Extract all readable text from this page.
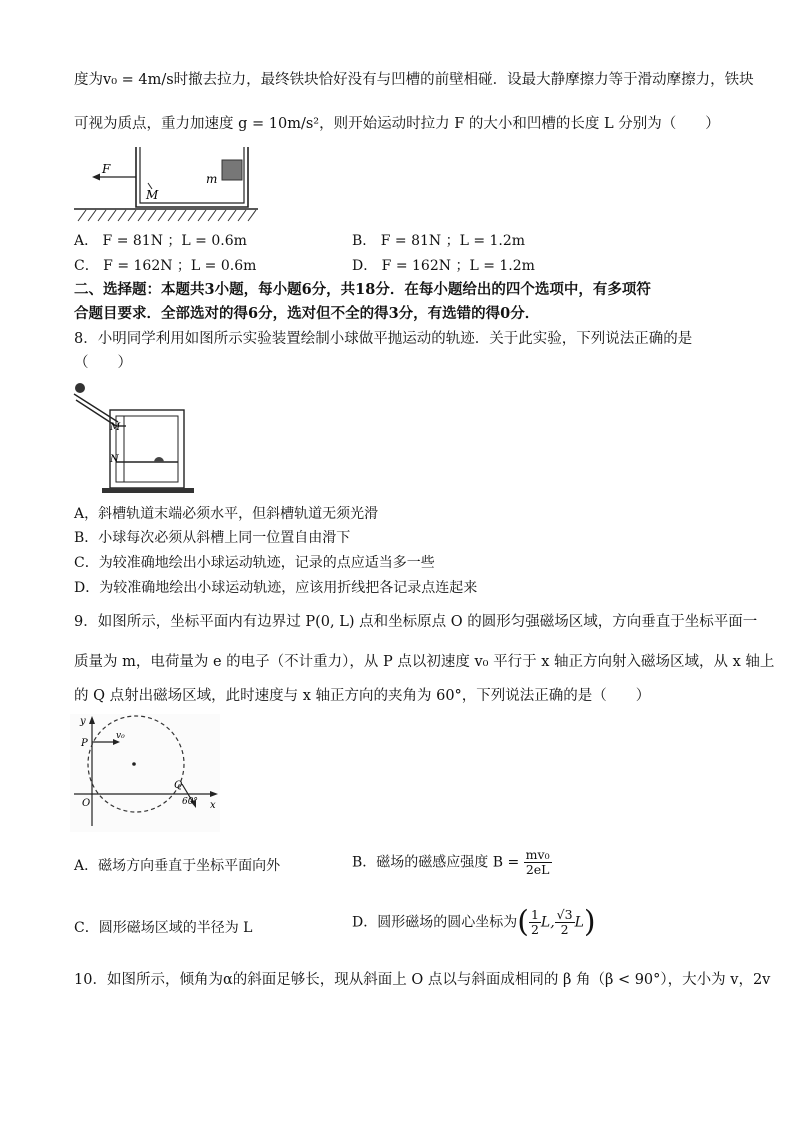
度为v₀ = 4m/s时撤去拉力，最终铁块恰好没有与凹槽的前壁相碰．设最大静摩擦力等于滑动摩擦力，铁块
可视为质点，重力加速度 g = 10m/s²，则开始运动时拉力 F 的大小和凹槽的长度 L 分别为（　　）
F
M
m
A． F = 81N ；L = 0.6m	B． F = 81N ；L = 1.2m
C． F = 162N ；L = 0.6m	D． F = 162N ；L = 1.2m
二、选择题：本题共3小题，每小题6分，共18分．在每小题给出的四个选项中，有多项符
合题目要求．全部选对的得6分，选对但不全的得3分，有选错的得0分．
8．小明同学利用如图所示实验装置绘制小球做平抛运动的轨迹．关于此实验，下列说法正确的是
（　　）
M
N
A，斜槽轨道末端必须水平，但斜槽轨道无须光滑
B．小球每次必须从斜槽上同一位置自由滑下
C．为较准确地绘出小球运动轨迹，记录的点应适当多一些
D．为较准确地绘出小球运动轨迹，应该用折线把各记录点连起来
9．如图所示，坐标平面内有边界过 P(0, L) 点和坐标原点 O 的圆形匀强磁场区域，方向垂直于坐标平面一
质量为 m，电荷量为 e 的电子（不计重力），从 P 点以初速度 v₀ 平行于 x 轴正方向射入磁场区域，从 x 轴上
的 Q 点射出磁场区域，此时速度与 x 轴正方向的夹角为 60°，下列说法正确的是（　　）
y
x
P
v₀
O
Q
60°
A．磁场方向垂直于坐标平面向外	B．磁场的磁感应强度 $B = \frac{\text{mv₀}}{2eL}$
C．圆形磁场区域的半径为 L	D．圆形磁场的圆心坐标为( $\frac{1}{2} L$, $\frac{√3}{2} L$)
10．如图所示，倾角为α的斜面足够长，现从斜面上 O 点以与斜面成相同的 β 角（β < 90°），大小为 v，2v
